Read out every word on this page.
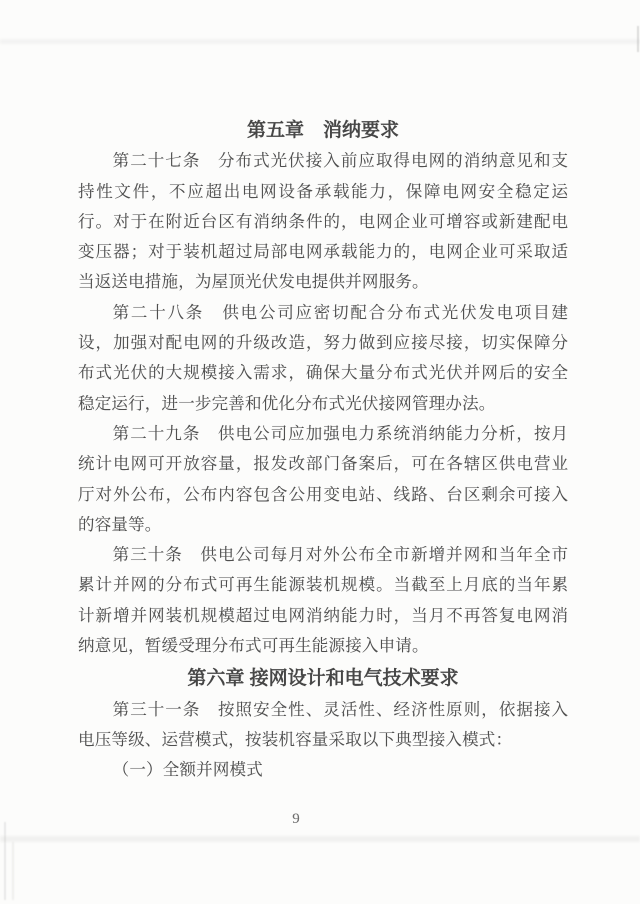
第五章　消纳要求
第二十七条　分布式光伏接入前应取得电网的消纳意见和支
持性文件，不应超出电网设备承载能力，保障电网安全稳定运
行。对于在附近台区有消纳条件的，电网企业可增容或新建配电
变压器；对于装机超过局部电网承载能力的，电网企业可采取适
当返送电措施，为屋顶光伏发电提供并网服务。
第二十八条　供电公司应密切配合分布式光伏发电项目建
设，加强对配电网的升级改造，努力做到应接尽接，切实保障分
布式光伏的大规模接入需求，确保大量分布式光伏并网后的安全
稳定运行，进一步完善和优化分布式光伏接网管理办法。
第二十九条　供电公司应加强电力系统消纳能力分析，按月
统计电网可开放容量，报发改部门备案后，可在各辖区供电营业
厅对外公布，公布内容包含公用变电站、线路、台区剩余可接入
的容量等。
第三十条　供电公司每月对外公布全市新增并网和当年全市
累计并网的分布式可再生能源装机规模。当截至上月底的当年累
计新增并网装机规模超过电网消纳能力时，当月不再答复电网消
纳意见，暂缓受理分布式可再生能源接入申请。
第六章 接网设计和电气技术要求
第三十一条　按照安全性、灵活性、经济性原则，依据接入
电压等级、运营模式，按装机容量采取以下典型接入模式：
（一）全额并网模式
9
